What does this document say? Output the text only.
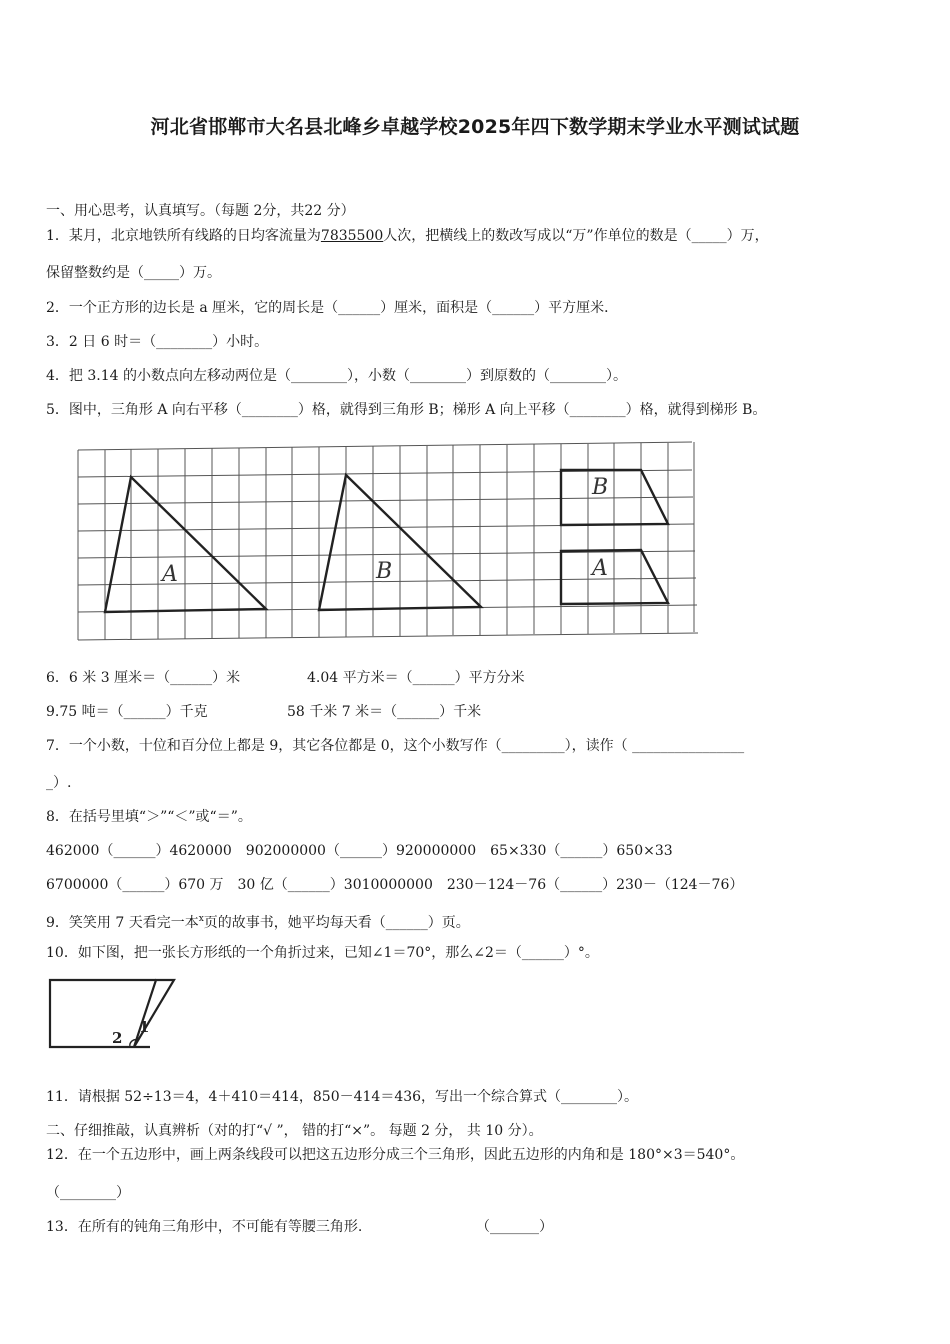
河北省邯郸市大名县北峰乡卓越学校2025年四下数学期末学业水平测试试题
一、用心思考，认真填写。（每题 2分，共22 分）
1．某月，北京地铁所有线路的日均客流量为7835500人次，把横线上的数改写成以“万”作单位的数是（_____）万，
保留整数约是（_____）万。
2．一个正方形的边长是 a 厘米，它的周长是（______）厘米，面积是（______）平方厘米．
3．2 日 6 时＝（________）小时。
4．把 3.14 的小数点向左移动两位是（________），小数（________）到原数的（________）。
5．图中，三角形 A 向右平移（________）格，就得到三角形 B；梯形 A 向上平移（________）格，就得到梯形 B。
A	B
B
A
6．6 米 3 厘米＝（______）米	4.04 平方米＝（______）平方分米
9.75 吨＝（______）千克	58 千米 7 米＝（______）千米
7．一个小数，十位和百分位上都是 9，其它各位都是 0，这个小数写作（_________），读作（ ________________
_）.
8．在括号里填“＞”“＜”或“＝”。
462000（______）4620000　902000000（______）920000000　65×330（______）650×33
6700000（______）670 万　30 亿（______）3010000000　230－124－76（______）230－（124－76）
9．笑笑用 7 天看完一本$^x$页的故事书，她平均每天看（______）页。
10．如下图，把一张长方形纸的一个角折过来，已知∠1＝70°，那么∠2＝（______）°。
1
2
11．请根据 52÷13＝4，4＋410＝414，850－414＝436，写出一个综合算式（________）。
二、仔细推敲，认真辨析（对的打“√ ”， 错的打“×”。 每题 2 分， 共 10 分）。
12．在一个五边形中，画上两条线段可以把这五边形分成三个三角形，因此五边形的内角和是 180°×3＝540°。
（________）
13．在所有的钝角三角形中，不可能有等腰三角形.	（_______）
